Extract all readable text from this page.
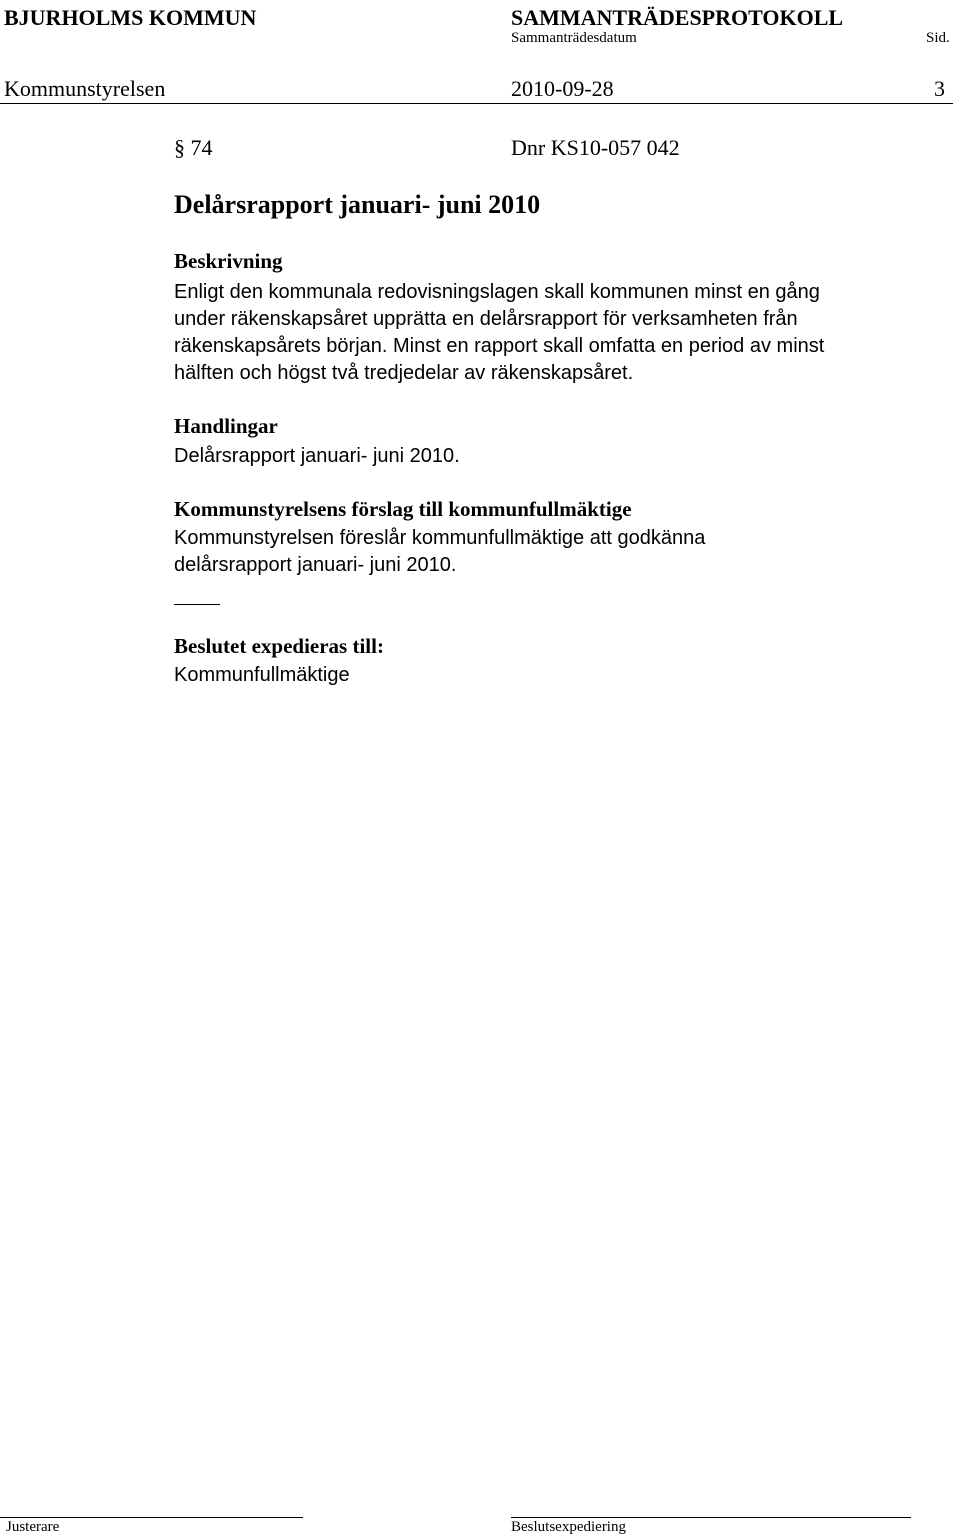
BJURHOLMS KOMMUN	SAMMANTRÄDESPROTOKOLL
Sammanträdesdatum	Sid.
Kommunstyrelsen	2010-09-28	3
§ 74	Dnr KS10-057 042
Delårsrapport januari- juni 2010
Beskrivning
Enligt den kommunala redovisningslagen skall kommunen minst en gång
under räkenskapsåret upprätta en delårsrapport för verksamheten från
räkenskapsårets början. Minst en rapport skall omfatta en period av minst
hälften och högst två tredjedelar av räkenskapsåret.
Handlingar
Delårsrapport januari- juni 2010.
Kommunstyrelsens förslag till kommunfullmäktige
Kommunstyrelsen föreslår kommunfullmäktige att godkänna
delårsrapport januari- juni 2010.
Beslutet expedieras till:
Kommunfullmäktige
Justerare	Beslutsexpediering
